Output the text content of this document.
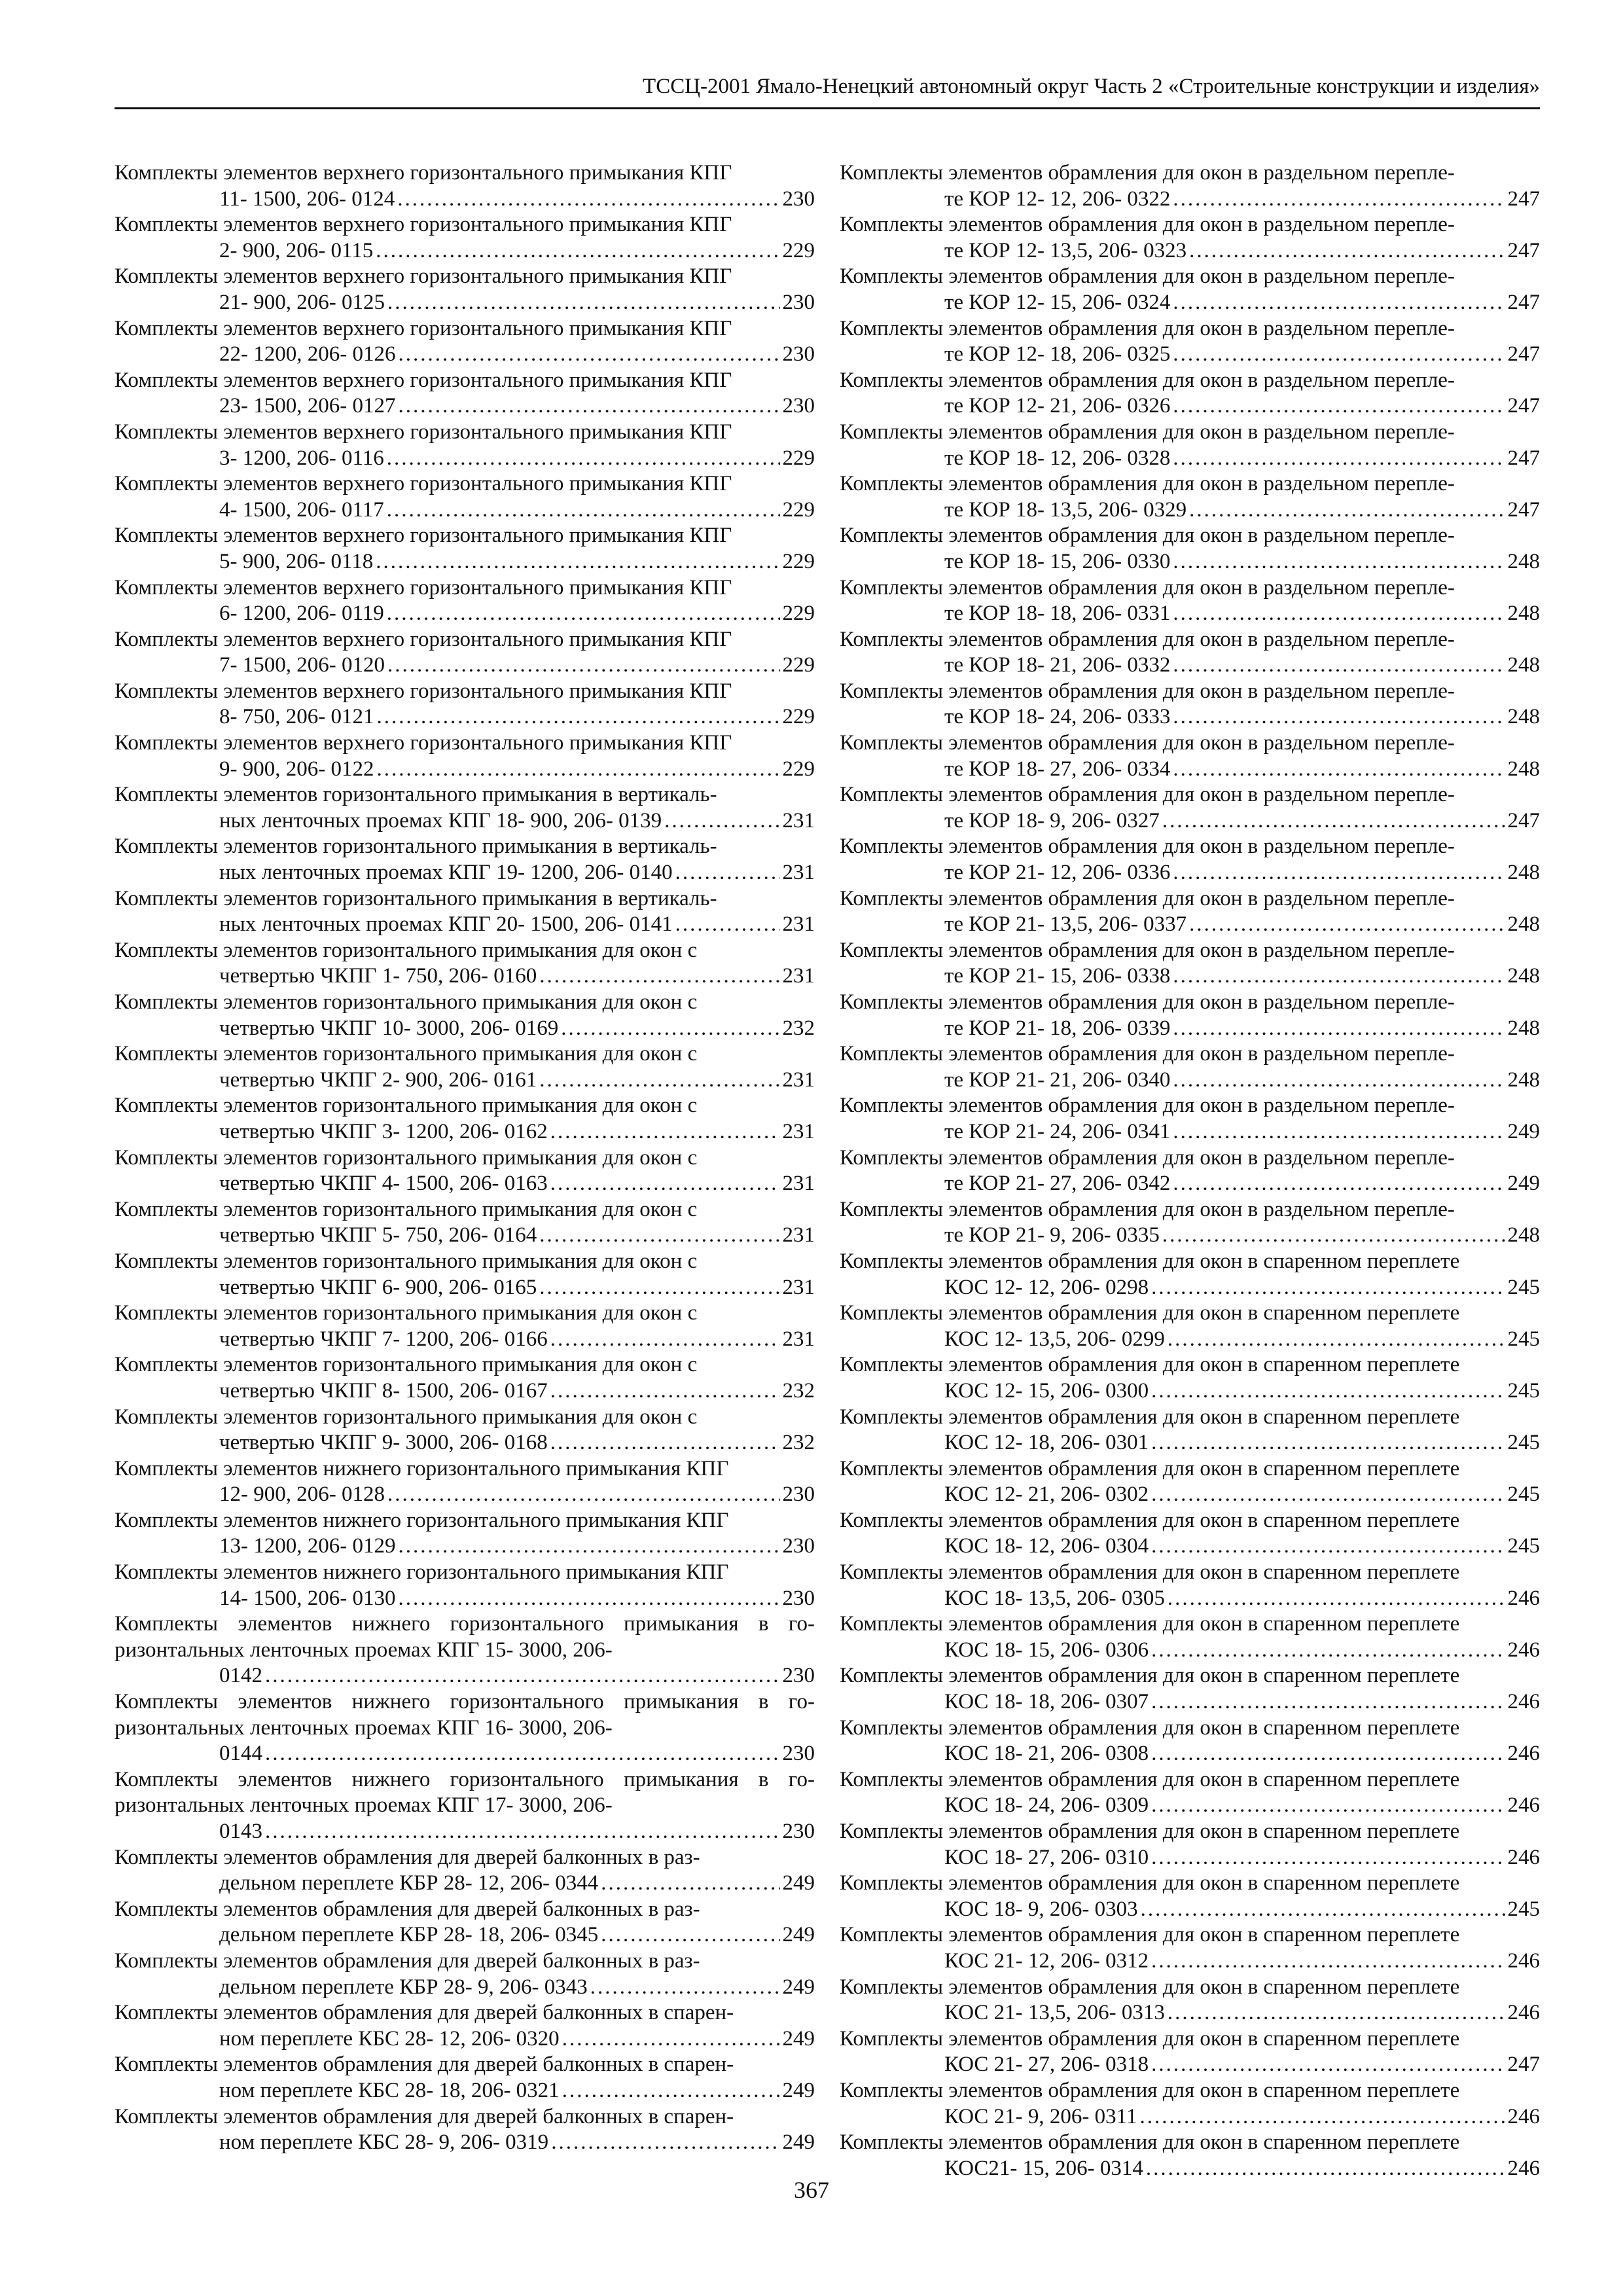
ТССЦ-2001 Ямало-Ненецкий автономный округ Часть 2 «Строительные конструкции и изделия»
Комплекты элементов верхнего горизонтального примыкания КПГ
11- 1500, 206- 0124 .....	230
Комплекты элементов верхнего горизонтального примыкания КПГ
2- 900, 206- 0115 .....	229
Комплекты элементов верхнего горизонтального примыкания КПГ
21- 900, 206- 0125 .....	230
Комплекты элементов верхнего горизонтального примыкания КПГ
22- 1200, 206- 0126 .....	230
Комплекты элементов верхнего горизонтального примыкания КПГ
23- 1500, 206- 0127 .....	230
Комплекты элементов верхнего горизонтального примыкания КПГ
3- 1200, 206- 0116 .....	229
Комплекты элементов верхнего горизонтального примыкания КПГ
4- 1500, 206- 0117 .....	229
Комплекты элементов верхнего горизонтального примыкания КПГ
5- 900, 206- 0118 .....	229
Комплекты элементов верхнего горизонтального примыкания КПГ
6- 1200, 206- 0119 .....	229
Комплекты элементов верхнего горизонтального примыкания КПГ
7- 1500, 206- 0120 .....	229
Комплекты элементов верхнего горизонтального примыкания КПГ
8- 750, 206- 0121 .....	229
Комплекты элементов верхнего горизонтального примыкания КПГ
9- 900, 206- 0122 .....	229
Комплекты элементов горизонтального примыкания в вертикаль-
ных ленточных проемах КПГ 18- 900, 206- 0139 .....	231
Комплекты элементов горизонтального примыкания в вертикаль-
ных ленточных проемах КПГ 19- 1200, 206- 0140 .....	231
Комплекты элементов горизонтального примыкания в вертикаль-
ных ленточных проемах КПГ 20- 1500, 206- 0141 .....	231
Комплекты элементов горизонтального примыкания для окон с
четвертью ЧКПГ 1- 750, 206- 0160 .....	231
Комплекты элементов горизонтального примыкания для окон с
четвертью ЧКПГ 10- 3000, 206- 0169 .....	232
Комплекты элементов горизонтального примыкания для окон с
четвертью ЧКПГ 2- 900, 206- 0161 .....	231
Комплекты элементов горизонтального примыкания для окон с
четвертью ЧКПГ 3- 1200, 206- 0162 .....	231
Комплекты элементов горизонтального примыкания для окон с
четвертью ЧКПГ 4- 1500, 206- 0163 .....	231
Комплекты элементов горизонтального примыкания для окон с
четвертью ЧКПГ 5- 750, 206- 0164 .....	231
Комплекты элементов горизонтального примыкания для окон с
четвертью ЧКПГ 6- 900, 206- 0165 .....	231
Комплекты элементов горизонтального примыкания для окон с
четвертью ЧКПГ 7- 1200, 206- 0166 .....	231
Комплекты элементов горизонтального примыкания для окон с
четвертью ЧКПГ 8- 1500, 206- 0167 .....	232
Комплекты элементов горизонтального примыкания для окон с
четвертью ЧКПГ 9- 3000, 206- 0168 .....	232
Комплекты элементов нижнего горизонтального примыкания КПГ
12- 900, 206- 0128 .....	230
Комплекты элементов нижнего горизонтального примыкания КПГ
13- 1200, 206- 0129 .....	230
Комплекты элементов нижнего горизонтального примыкания КПГ
14- 1500, 206- 0130 .....	230
Комплекты элементов нижнего горизонтального примыкания в го- ризонтальных ленточных проемах КПГ 15- 3000, 206-
0142 .....	230
Комплекты элементов нижнего горизонтального примыкания в го- ризонтальных ленточных проемах КПГ 16- 3000, 206-
0144 .....	230
Комплекты элементов нижнего горизонтального примыкания в го- ризонтальных ленточных проемах КПГ 17- 3000, 206-
0143 .....	230
Комплекты элементов обрамления для дверей балконных в раз-
дельном переплете КБР 28- 12, 206- 0344 .....	249
Комплекты элементов обрамления для дверей балконных в раз-
дельном переплете КБР 28- 18, 206- 0345 .....	249
Комплекты элементов обрамления для дверей балконных в раз-
дельном переплете КБР 28- 9, 206- 0343 .....	249
Комплекты элементов обрамления для дверей балконных в спарен-
ном переплете КБС 28- 12, 206- 0320 .....	249
Комплекты элементов обрамления для дверей балконных в спарен-
ном переплете КБС 28- 18, 206- 0321 .....	249
Комплекты элементов обрамления для дверей балконных в спарен-
ном переплете КБС 28- 9, 206- 0319 .....	249
Комплекты элементов обрамления для окон в раздельном перепле-
те КОР 12- 12, 206- 0322 .....	247
Комплекты элементов обрамления для окон в раздельном перепле-
те КОР 12- 13,5, 206- 0323 .....	247
Комплекты элементов обрамления для окон в раздельном перепле-
те КОР 12- 15, 206- 0324 .....	247
Комплекты элементов обрамления для окон в раздельном перепле-
те КОР 12- 18, 206- 0325 .....	247
Комплекты элементов обрамления для окон в раздельном перепле-
те КОР 12- 21, 206- 0326 .....	247
Комплекты элементов обрамления для окон в раздельном перепле-
те КОР 18- 12, 206- 0328 .....	247
Комплекты элементов обрамления для окон в раздельном перепле-
те КОР 18- 13,5, 206- 0329 .....	247
Комплекты элементов обрамления для окон в раздельном перепле-
те КОР 18- 15, 206- 0330 .....	248
Комплекты элементов обрамления для окон в раздельном перепле-
те КОР 18- 18, 206- 0331 .....	248
Комплекты элементов обрамления для окон в раздельном перепле-
те КОР 18- 21, 206- 0332 .....	248
Комплекты элементов обрамления для окон в раздельном перепле-
те КОР 18- 24, 206- 0333 .....	248
Комплекты элементов обрамления для окон в раздельном перепле-
те КОР 18- 27, 206- 0334 .....	248
Комплекты элементов обрамления для окон в раздельном перепле-
те КОР 18- 9, 206- 0327 .....	247
Комплекты элементов обрамления для окон в раздельном перепле-
те КОР 21- 12, 206- 0336 .....	248
Комплекты элементов обрамления для окон в раздельном перепле-
те КОР 21- 13,5, 206- 0337 .....	248
Комплекты элементов обрамления для окон в раздельном перепле-
те КОР 21- 15, 206- 0338 .....	248
Комплекты элементов обрамления для окон в раздельном перепле-
те КОР 21- 18, 206- 0339 .....	248
Комплекты элементов обрамления для окон в раздельном перепле-
те КОР 21- 21, 206- 0340 .....	248
Комплекты элементов обрамления для окон в раздельном перепле-
те КОР 21- 24, 206- 0341 .....	249
Комплекты элементов обрамления для окон в раздельном перепле-
те КОР 21- 27, 206- 0342 .....	249
Комплекты элементов обрамления для окон в раздельном перепле-
те КОР 21- 9, 206- 0335 .....	248
Комплекты элементов обрамления для окон в спаренном переплете
КОС 12- 12, 206- 0298 .....	245
Комплекты элементов обрамления для окон в спаренном переплете
КОС 12- 13,5, 206- 0299 .....	245
Комплекты элементов обрамления для окон в спаренном переплете
КОС 12- 15, 206- 0300 .....	245
Комплекты элементов обрамления для окон в спаренном переплете
КОС 12- 18, 206- 0301 .....	245
Комплекты элементов обрамления для окон в спаренном переплете
КОС 12- 21, 206- 0302 .....	245
Комплекты элементов обрамления для окон в спаренном переплете
КОС 18- 12, 206- 0304 .....	245
Комплекты элементов обрамления для окон в спаренном переплете
КОС 18- 13,5, 206- 0305 .....	246
Комплекты элементов обрамления для окон в спаренном переплете
КОС 18- 15, 206- 0306 .....	246
Комплекты элементов обрамления для окон в спаренном переплете
КОС 18- 18, 206- 0307 .....	246
Комплекты элементов обрамления для окон в спаренном переплете
КОС 18- 21, 206- 0308 .....	246
Комплекты элементов обрамления для окон в спаренном переплете
КОС 18- 24, 206- 0309 .....	246
Комплекты элементов обрамления для окон в спаренном переплете
КОС 18- 27, 206- 0310 .....	246
Комплекты элементов обрамления для окон в спаренном переплете
КОС 18- 9, 206- 0303 .....	245
Комплекты элементов обрамления для окон в спаренном переплете
КОС 21- 12, 206- 0312 .....	246
Комплекты элементов обрамления для окон в спаренном переплете
КОС 21- 13,5, 206- 0313 .....	246
Комплекты элементов обрамления для окон в спаренном переплете
КОС 21- 27, 206- 0318 .....	247
Комплекты элементов обрамления для окон в спаренном переплете
КОС 21- 9, 206- 0311 .....	246
Комплекты элементов обрамления для окон в спаренном переплете
КОС21- 15, 206- 0314 .....	246
367
